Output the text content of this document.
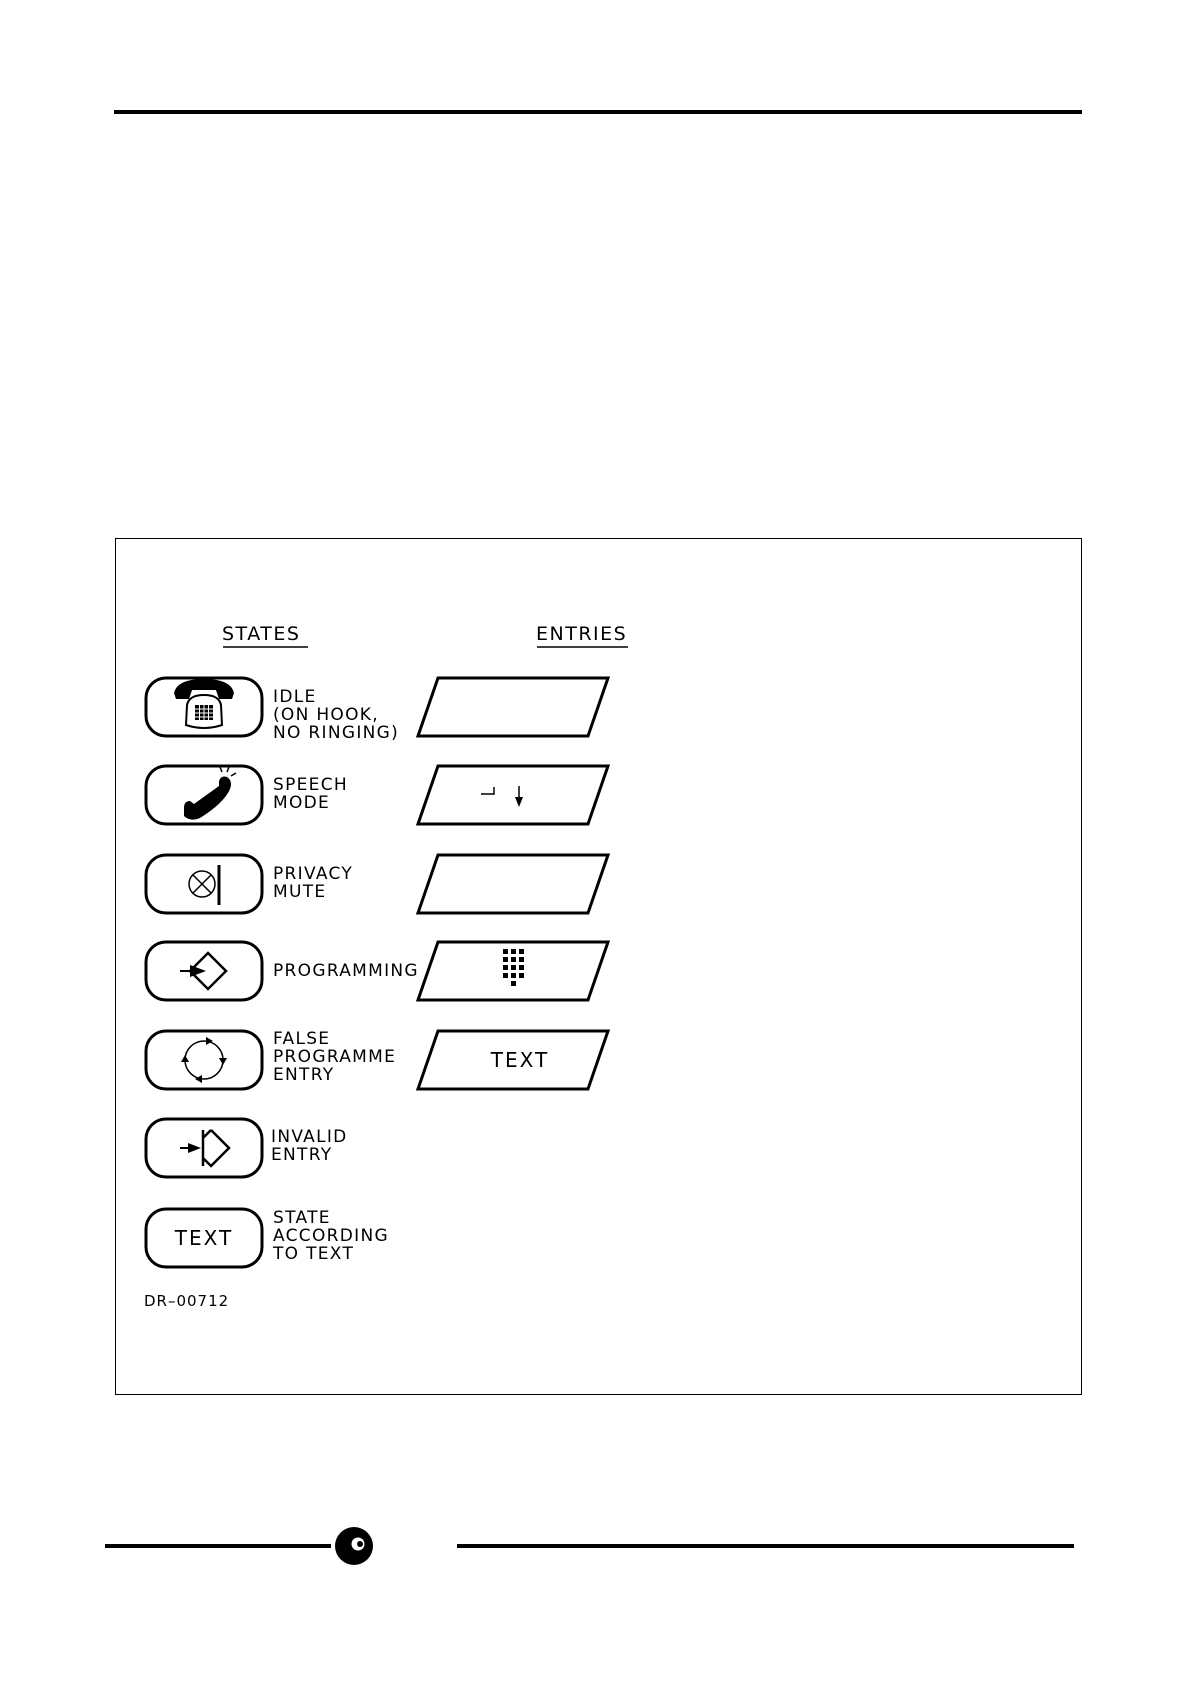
STATES	ENTRIES
IDLE
(ON HOOK,
NO RINGING)
SPEECH
MODE
PRIVACY
MUTE
PROGRAMMING
FALSE
PROGRAMME
ENTRY
INVALID
ENTRY
TEXT
STATE
ACCORDING
TO TEXT
TEXT
DR–00712
